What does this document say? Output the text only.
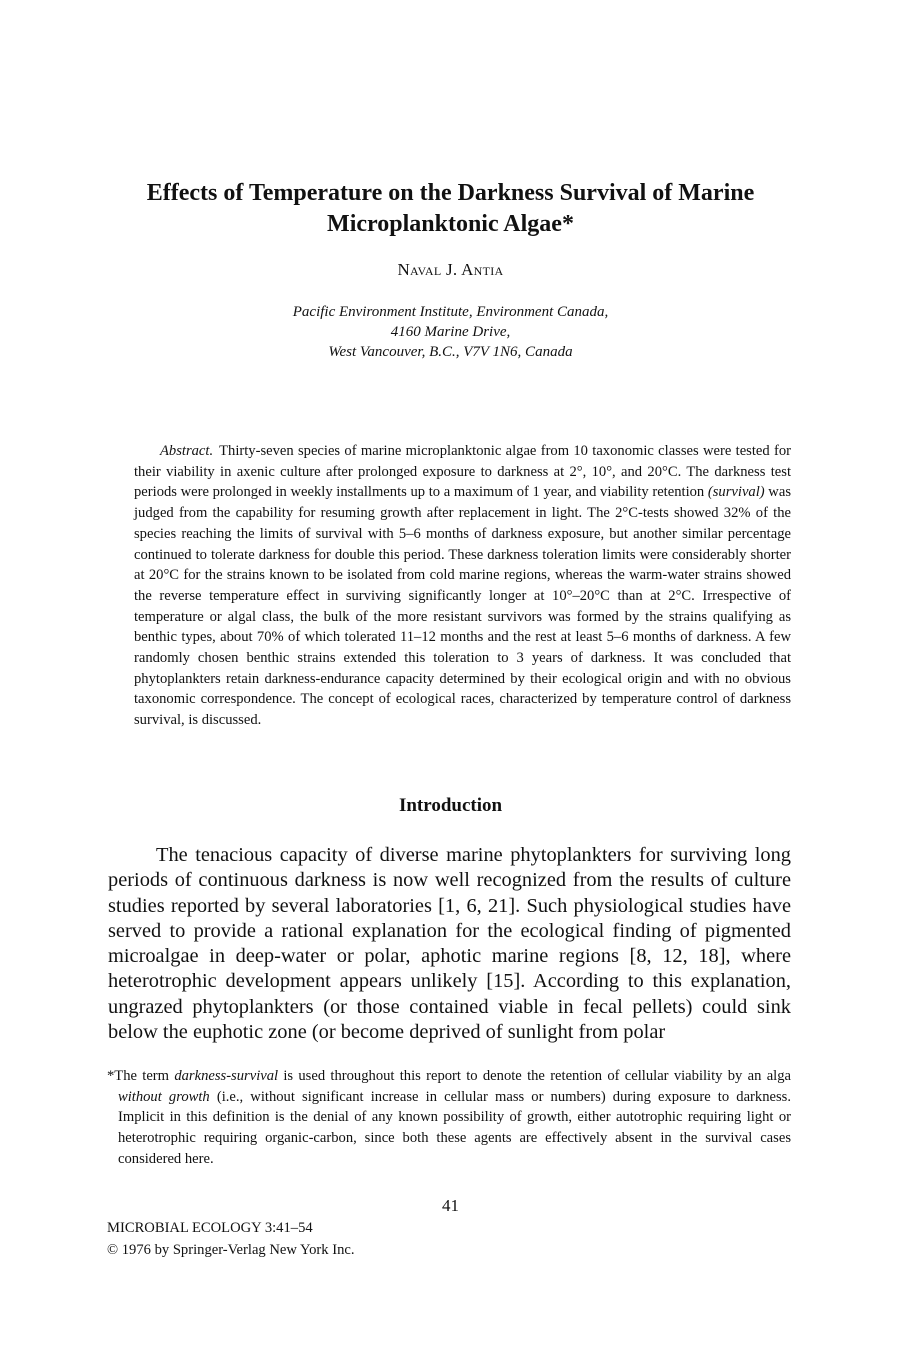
Effects of Temperature on the Darkness Survival of Marine
Microplanktonic Algae*
Naval J. Antia
Pacific Environment Institute, Environment Canada,
4160 Marine Drive,
West Vancouver, B.C., V7V 1N6, Canada
Abstract. Thirty-seven species of marine microplanktonic algae from 10 taxonomic classes were tested for their viability in axenic culture after prolonged exposure to darkness at 2°, 10°, and 20°C. The darkness test periods were prolonged in weekly installments up to a maximum of 1 year, and viability retention (survival) was judged from the capability for resuming growth after replacement in light. The 2°C-tests showed 32% of the species reaching the limits of survival with 5–6 months of darkness exposure, but another similar percentage continued to tolerate darkness for double this period. These darkness toleration limits were considerably shorter at 20°C for the strains known to be isolated from cold marine regions, whereas the warm-water strains showed the reverse temperature effect in surviving significantly longer at 10°–20°C than at 2°C. Irrespective of temperature or algal class, the bulk of the more resistant survivors was formed by the strains qualifying as benthic types, about 70% of which tolerated 11–12 months and the rest at least 5–6 months of darkness. A few randomly chosen benthic strains extended this toleration to 3 years of darkness. It was concluded that phytoplankters retain darkness-endurance capacity determined by their ecological origin and with no obvious taxonomic correspondence. The concept of ecological races, characterized by temperature control of darkness survival, is discussed.
Introduction
The tenacious capacity of diverse marine phytoplankters for surviving long periods of continuous darkness is now well recognized from the results of culture studies reported by several laboratories [1, 6, 21]. Such physiological studies have served to provide a rational explanation for the ecological finding of pigmented microalgae in deep-water or polar, aphotic marine regions [8, 12, 18], where heterotrophic development appears unlikely [15]. According to this explanation, ungrazed phytoplankters (or those contained viable in fecal pellets) could sink below the euphotic zone (or become deprived of sunlight from polar
*The term darkness-survival is used throughout this report to denote the retention of cellular viability by an alga without growth (i.e., without significant increase in cellular mass or numbers) during exposure to darkness. Implicit in this definition is the denial of any known possibility of growth, either autotrophic requiring light or heterotrophic requiring organic-carbon, since both these agents are effectively absent in the survival cases considered here.
41
MICROBIAL ECOLOGY 3:41–54
© 1976 by Springer-Verlag New York Inc.
